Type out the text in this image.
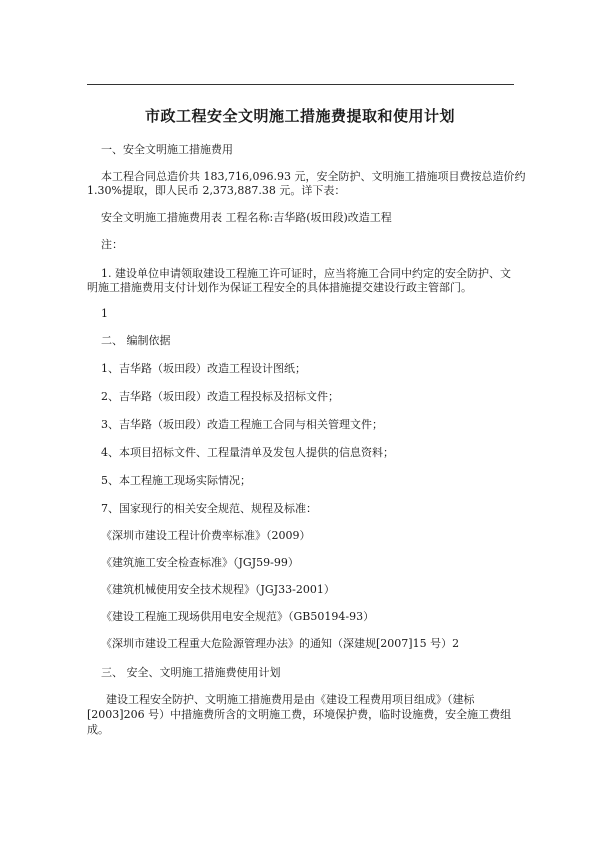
市政工程安全文明施工措施费提取和使用计划
一、安全文明施工措施费用
本工程合同总造价共 183,716,096.93 元，安全防护、文明施工措施项目费按总造价约
1.30%提取，即人民币 2,373,887.38 元。详下表：
安全文明施工措施费用表 工程名称:吉华路(坂田段)改造工程
注：
1. 建设单位申请领取建设工程施工许可证时，应当将施工合同中约定的安全防护、文
明施工措施费用支付计划作为保证工程安全的具体措施提交建设行政主管部门。
1
二、 编制依据
1、吉华路（坂田段）改造工程设计图纸；
2、吉华路（坂田段）改造工程投标及招标文件；
3、吉华路（坂田段）改造工程施工合同与相关管理文件；
4、本项目招标文件、工程量清单及发包人提供的信息资料；
5、本工程施工现场实际情况；
7、国家现行的相关安全规范、规程及标准：
《深圳市建设工程计价费率标准》（2009）
《建筑施工安全检查标准》（JGJ59-99）
《建筑机械使用安全技术规程》（JGJ33-2001）
《建设工程施工现场供用电安全规范》（GB50194-93）
《深圳市建设工程重大危险源管理办法》的通知（深建规[2007]15 号）2
三、 安全、文明施工措施费使用计划
建设工程安全防护、文明施工措施费用是由《建设工程费用项目组成》（建标
[2003]206 号）中措施费所含的文明施工费，环境保护费，临时设施费，安全施工费组
成。
